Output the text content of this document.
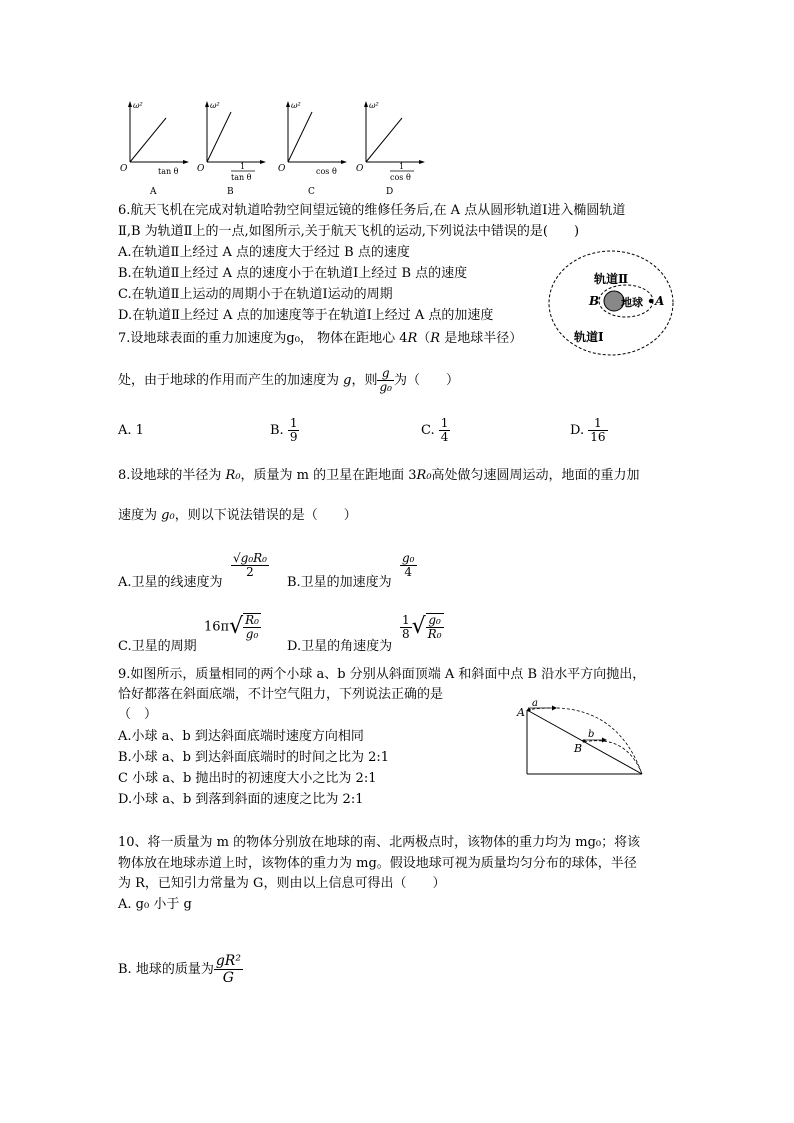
ω²
O	tan θ
A
ω²
O	1
tan θ
B
ω²
O	cos θ
C
ω²
O	1
cos θ
D
6.航天飞机在完成对轨道哈勃空间望远镜的维修任务后,在 A 点从圆形轨道Ⅰ进入椭圆轨道
Ⅱ,B 为轨道Ⅱ上的一点,如图所示,关于航天飞机的运动,下列说法中错误的是(　　)
A.在轨道Ⅱ上经过 A 点的速度大于经过 B 点的速度
B.在轨道Ⅱ上经过 A 点的速度小于在轨道Ⅰ上经过 B 点的速度
C.在轨道Ⅱ上运动的周期小于在轨道Ⅰ运动的周期
D.在轨道Ⅱ上经过 A 点的加速度等于在轨道Ⅰ上经过 A 点的加速度
A
B 地球
轨道Ⅱ
轨道Ⅰ
7.设地球表面的重力加速度为g₀， 物体在距地心 4R（R 是地球半径）
处，由于地球的作用而产生的加速度为 g，则 $\frac{g}{\text{g₀}}$ 为（　　）
A. 1	B. $\frac{1}{9}$	C. $\frac{1}{4}$	D. $\frac{1}{16}$
8.设地球的半径为 R₀，质量为 m 的卫星在距地面 3R₀高处做匀速圆周运动，地面的重力加
速度为 g₀，则以下说法错误的是（　　）
A.卫星的线速度为
$\frac{\text{√g₀R₀}}{2}$
B.卫星的加速度为
$\frac{\text{g₀}}{4}$
C.卫星的周期
$16\pi√ \frac{\text{R₀}}{\text{g₀}}$
D.卫星的角速度为
$\frac{1}{8}$ √ $\frac{\text{g₀}}{\text{R₀}}$
9.如图所示，质量相同的两个小球 a、b 分别从斜面顶端 A 和斜面中点 B 沿水平方向抛出，
恰好都落在斜面底端，不计空气阻力，下列说法正确的是
（　）
A.小球 a、b 到达斜面底端时速度方向相同
B.小球 a、b 到达斜面底端时的时间之比为 2:1
C 小球 a、b 抛出时的初速度大小之比为 2:1
D.小球 a、b 到落到斜面的速度之比为 2:1
a
b
A
B
10、将一质量为 m 的物体分别放在地球的南、北两极点时，该物体的重力均为 mg₀；将该
物体放在地球赤道上时，该物体的重力为 mg。假设地球可视为质量均匀分布的球体，半径
为 R，已知引力常量为 G，则由以上信息可得出（　　）
A. g₀ 小于 g
B. 地球的质量为 $\frac{\text{gR²}}{G}$
